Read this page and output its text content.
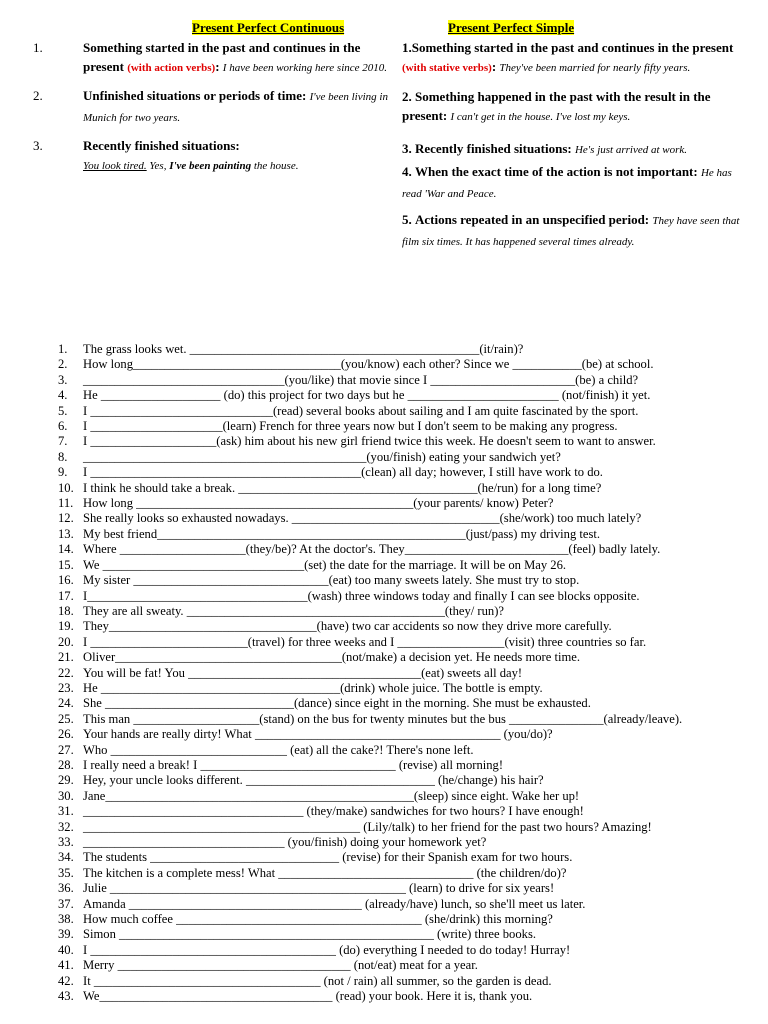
Present Perfect Continuous
1.	Something started in the past and continues in the present (with action verbs): I have been working here since 2010.
2.	Unfinished situations or periods of time: I've been living in Munich for two years.
3.	Recently finished situations:
You look tired. Yes, I've been painting the house.
Present Perfect Simple
1.Something started in the past and continues in the present (with stative verbs): They've been married for nearly fifty years.
2. Something happened in the past with the result in the present: I can't get in the house. I've lost my keys.
3. Recently finished situations: He's just arrived at work.
4. When the exact time of the action is not important: He has read 'War and Peace.
5. Actions repeated in an unspecified period: They have seen that film six times. It has happened several times already.
1. The grass looks wet. ______________________________________________(it/rain)?
2. How long_________________________________(you/know) each other? Since we ___________(be) at school.
3. ________________________________(you/like) that movie since I _______________________(be) a child?
4. He ___________________ (do) this project for two days but he ________________________ (not/finish) it yet.
5. I _____________________________(read) several books about sailing and I am quite fascinated by the sport.
6. I _____________________(learn) French for three years now but I don't seem to be making any progress.
7. I ____________________(ask) him about his new girl friend twice this week. He doesn't seem to want to answer.
8. _____________________________________________(you/finish) eating your sandwich yet?
9. I ___________________________________________(clean) all day; however, I still have work to do.
10. I think he should take a break. ______________________________________(he/run) for a long time?
11. How long ____________________________________________(your parents/ know) Peter?
12. She really looks so exhausted nowadays. _________________________________(she/work) too much lately?
13. My best friend_________________________________________________(just/pass) my driving test.
14. Where ____________________(they/be)? At the doctor's. They__________________________(feel) badly lately.
15. We ________________________________(set) the date for the marriage. It will be on May 26.
16. My sister _______________________________(eat) too many sweets lately. She must try to stop.
17. I___________________________________(wash) three windows today and finally I can see blocks opposite.
18. They are all sweaty. _________________________________________(they/ run)?
19. They_________________________________(have) two car accidents so now they drive more carefully.
20. I _________________________(travel) for three weeks and I _________________(visit) three countries so far.
21. Oliver____________________________________(not/make) a decision yet. He needs more time.
22. You will be fat! You _____________________________________(eat) sweets all day!
23. He ______________________________________(drink) whole juice. The bottle is empty.
24. She ______________________________(dance) since eight in the morning. She must be exhausted.
25. This man ____________________(stand) on the bus for twenty minutes but the bus _______________(already/leave).
26. Your hands are really dirty! What _______________________________________ (you/do)?
27. Who ____________________________ (eat) all the cake?! There's none left.
28. I really need a break! I _______________________________ (revise) all morning!
29. Hey, your uncle looks different. ______________________________ (he/change) his hair?
30. Jane_________________________________________________(sleep) since eight. Wake her up!
31. ___________________________________ (they/make) sandwiches for two hours? I have enough!
32. ____________________________________________ (Lily/talk) to her friend for the past two hours? Amazing!
33. ________________________________ (you/finish) doing your homework yet?
34. The students ______________________________ (revise) for their Spanish exam for two hours.
35. The kitchen is a complete mess! What _______________________________ (the children/do)?
36. Julie _______________________________________________ (learn) to drive for six years!
37. Amanda _____________________________________ (already/have) lunch, so she'll meet us later.
38. How much coffee _______________________________________ (she/drink) this morning?
39. Simon __________________________________________________ (write) three books.
40. I _______________________________________ (do) everything I needed to do today! Hurray!
41. Merry _____________________________________ (not/eat) meat for a year.
42. It ____________________________________ (not / rain) all summer, so the garden is dead.
43. We_____________________________________ (read) your book. Here it is, thank you.
